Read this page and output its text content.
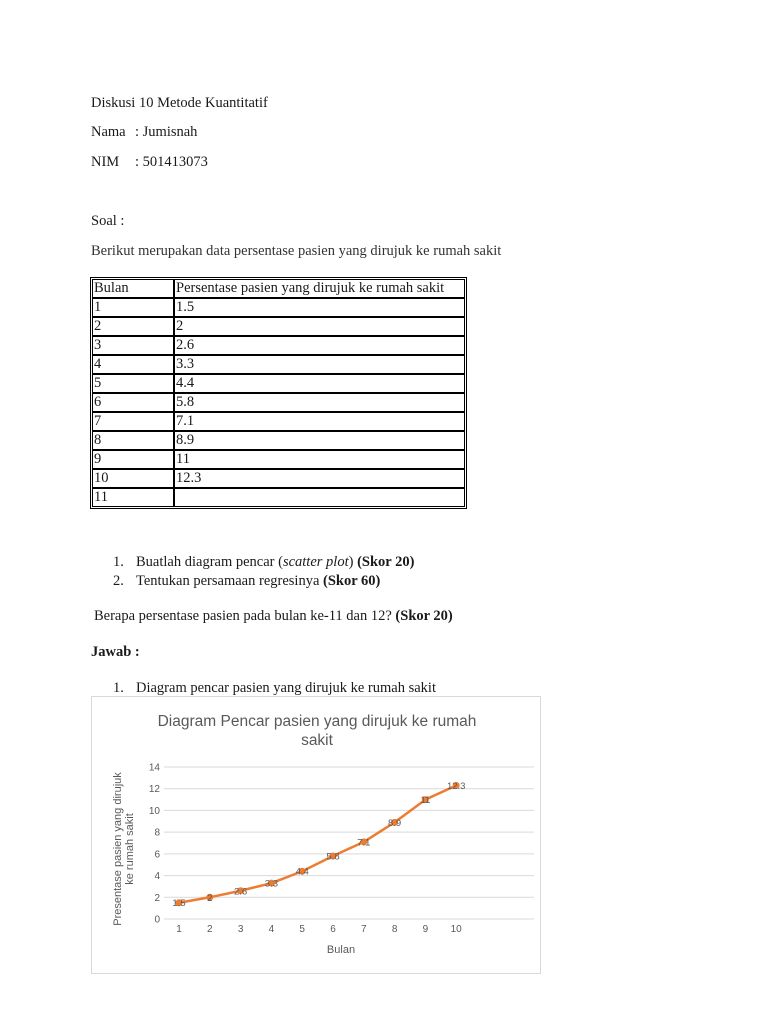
Diskusi 10 Metode Kuantitatif
Nama : Jumisnah
NIM : 501413073
Soal :
Berikut merupakan data persentase pasien yang dirujuk ke rumah sakit
Bulan	Persentase pasien yang dirujuk ke rumah sakit
1	1.5
2	2
3	2.6
4	3.3
5	4.4
6	5.8
7	7.1
8	8.9
9	11
10	12.3
11	
1. Buatlah diagram pencar (scatter plot) (Skor 20)
2. Tentukan persamaan regresinya (Skor 60)
Berapa persentase pasien pada bulan ke-11 dan 12? (Skor 20)
Jawab :
1. Diagram pencar pasien yang dirujuk ke rumah sakit
Diagram Pencar pasien yang dirujuk ke rumah
sakit
0
2
4
6
8
10
12
14
1	2	3	4	5	6	7	8	9 10
Bulan
Presentase pasien yang dirujuk ke rumah sakit
1.5 2
2.6
3.3
4.4
5.8
7.1
8.9
11
12.3
